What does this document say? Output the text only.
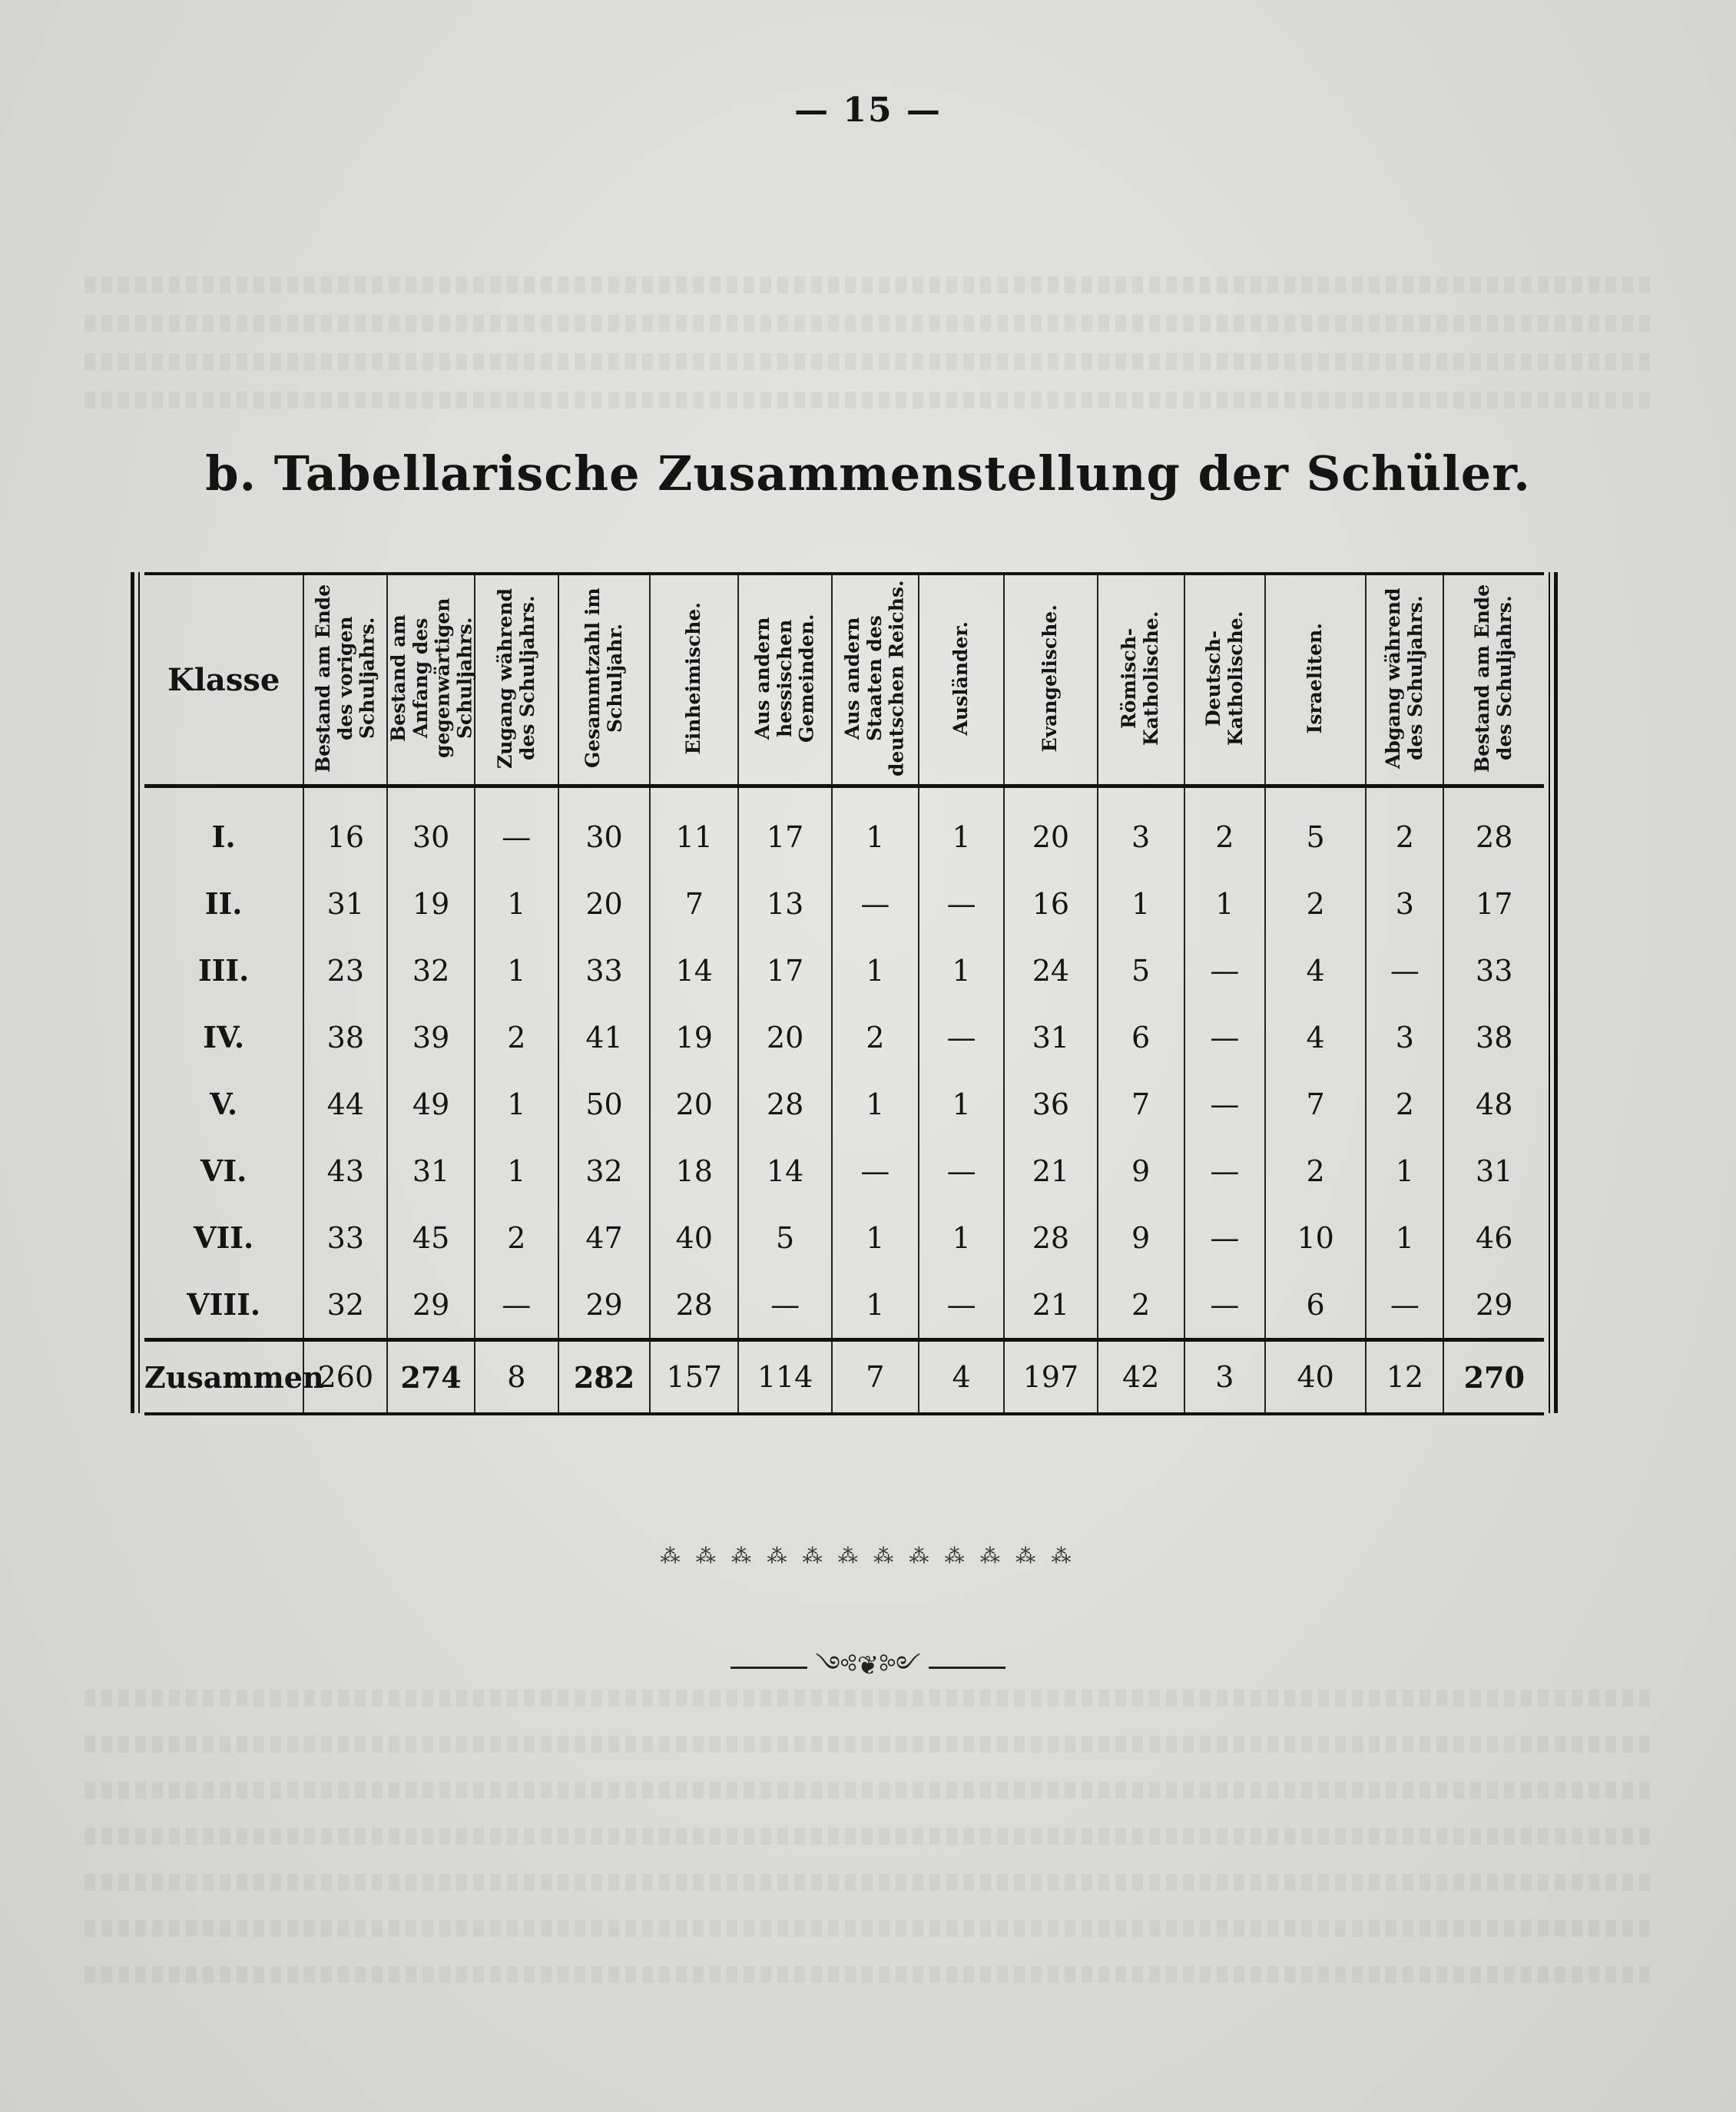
— 15 —
b. Tabellarische Zusammenstellung der Schüler.
Klasse	Bestand am Ende des vorigen Schuljahrs.	Bestand am Anfang des gegenwärtigen Schuljahrs.	Zugang während des Schuljahrs.	Gesammtzahl im Schuljahr.	Einheimische.	Aus andern hessischen Gemeinden.	Aus andern Staaten des deutschen Reichs.	Ausländer.	Evangelische.	Römisch-Katholische.	Deutsch-Katholische.	Israeliten.	Abgang während des Schuljahrs.	Bestand am Ende des Schuljahrs.
I.	16	30	—	30	11	17	1	1	20	3	2	5	2	28
II.	31	19	1	20	7	13	—	—	16	1	1	2	3	17
III.	23	32	1	33	14	17	1	1	24	5	—	4	—	33
IV.	38	39	2	41	19	20	2	—	31	6	—	4	3	38
V.	44	49	1	50	20	28	1	1	36	7	—	7	2	48
VI.	43	31	1	32	18	14	—	—	21	9	—	2	1	31
VII.	33	45	2	47	40	5	1	1	28	9	—	10	1	46
VIII.	32	29	—	29	28	—	1	—	21	2	—	6	—	29
Zusammen	260	274	8	282	157	114	7	4	197	42	3	40	12	270
⁂ ⁂ ⁂ ⁂ ⁂ ⁂ ⁂ ⁂ ⁂ ⁂ ⁂ ⁂
༺❦༻
